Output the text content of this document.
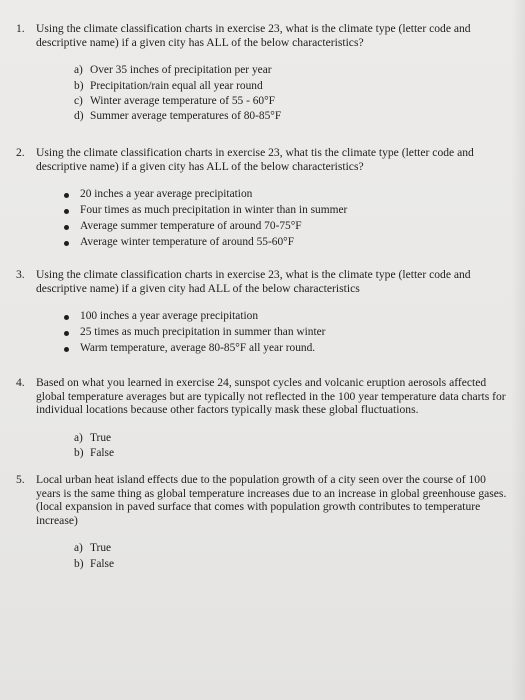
1. Using the climate classification charts in exercise 23, what is the climate type (letter code and descriptive name) if a given city has ALL of the below characteristics?
a) Over 35 inches of precipitation per year
b) Precipitation/rain equal all year round
c) Winter average temperature of 55 - 60°F
d) Summer average temperatures of 80-85°F
2. Using the climate classification charts in exercise 23, what tis the climate type (letter code and descriptive name) if a given city has ALL of the below characteristics?
20 inches a year average precipitation
Four times as much precipitation in winter than in summer
Average summer temperature of around 70-75°F
Average winter temperature of around 55-60°F
3. Using the climate classification charts in exercise 23, what is the climate type (letter code and descriptive name) if a given city had ALL of the below characteristics
100 inches a year average precipitation
25 times as much precipitation in summer than winter
Warm temperature, average 80-85°F all year round.
4. Based on what you learned in exercise 24, sunspot cycles and volcanic eruption aerosols affected global temperature averages but are typically not reflected in the 100 year temperature data charts for individual locations because other factors typically mask these global fluctuations.
a) True
b) False
5. Local urban heat island effects due to the population growth of a city seen over the course of 100 years is the same thing as global temperature increases due to an increase in global greenhouse gases. (local expansion in paved surface that comes with population growth contributes to temperature increase)
a) True
b) False
